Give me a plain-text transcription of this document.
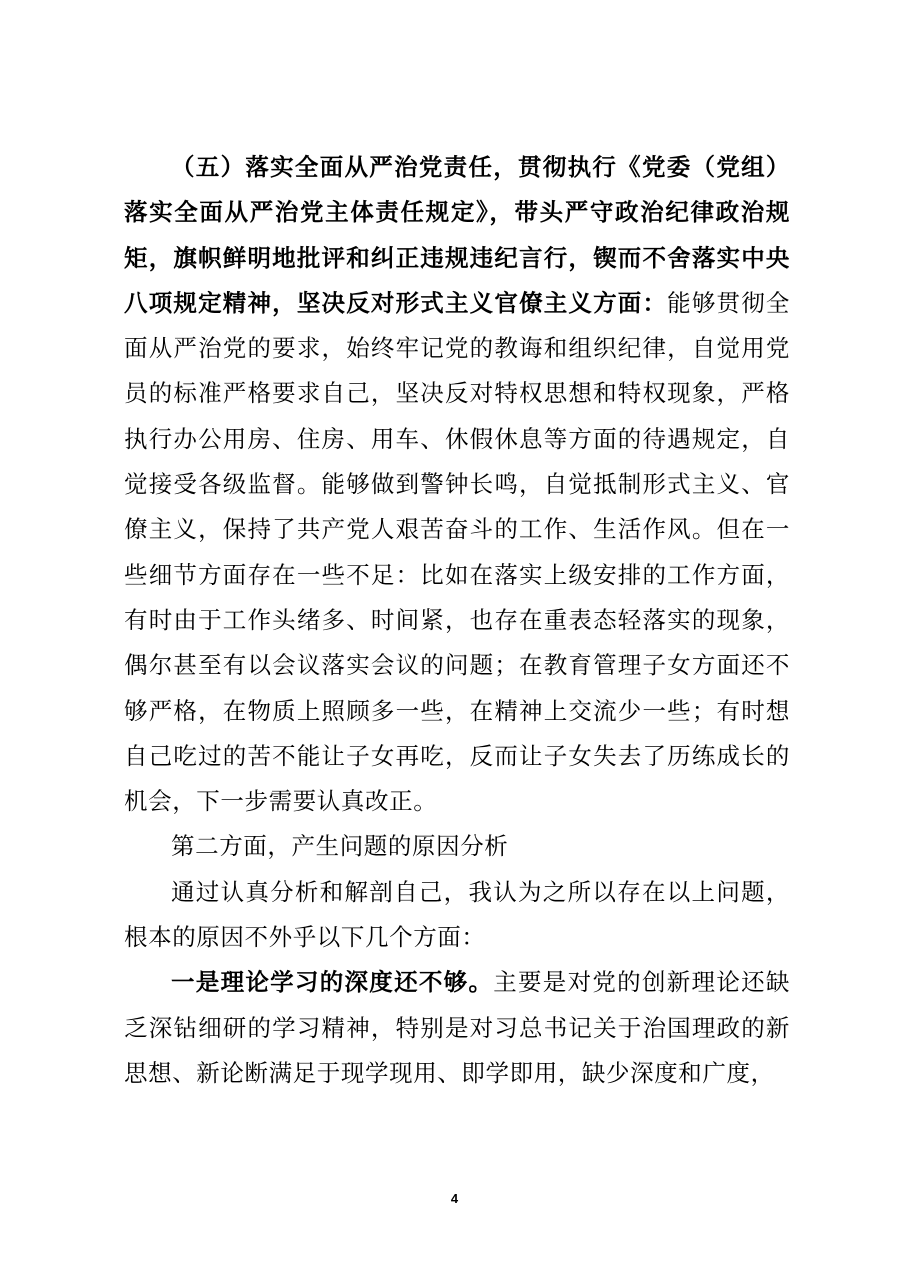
（五）落实全面从严治党责任，贯彻执行《党委（党组）落实全面从严治党主体责任规定》，带头严守政治纪律政治规矩，旗帜鲜明地批评和纠正违规违纪言行，锲而不舍落实中央八项规定精神，坚决反对形式主义官僚主义方面：能够贯彻全面从严治党的要求，始终牢记党的教诲和组织纪律，自觉用党员的标准严格要求自己，坚决反对特权思想和特权现象，严格执行办公用房、住房、用车、休假休息等方面的待遇规定，自觉接受各级监督。能够做到警钟长鸣，自觉抵制形式主义、官僚主义，保持了共产党人艰苦奋斗的工作、生活作风。但在一些细节方面存在一些不足：比如在落实上级安排的工作方面，有时由于工作头绪多、时间紧，也存在重表态轻落实的现象，偶尔甚至有以会议落实会议的问题；在教育管理子女方面还不够严格，在物质上照顾多一些，在精神上交流少一些；有时想自己吃过的苦不能让子女再吃，反而让子女失去了历练成长的机会，下一步需要认真改正。

第二方面，产生问题的原因分析

通过认真分析和解剖自己，我认为之所以存在以上问题，根本的原因不外乎以下几个方面：

一是理论学习的深度还不够。主要是对党的创新理论还缺乏深钻细研的学习精神，特别是对习总书记关于治国理政的新思想、新论断满足于现学现用、即学即用，缺少深度和广度，

4
